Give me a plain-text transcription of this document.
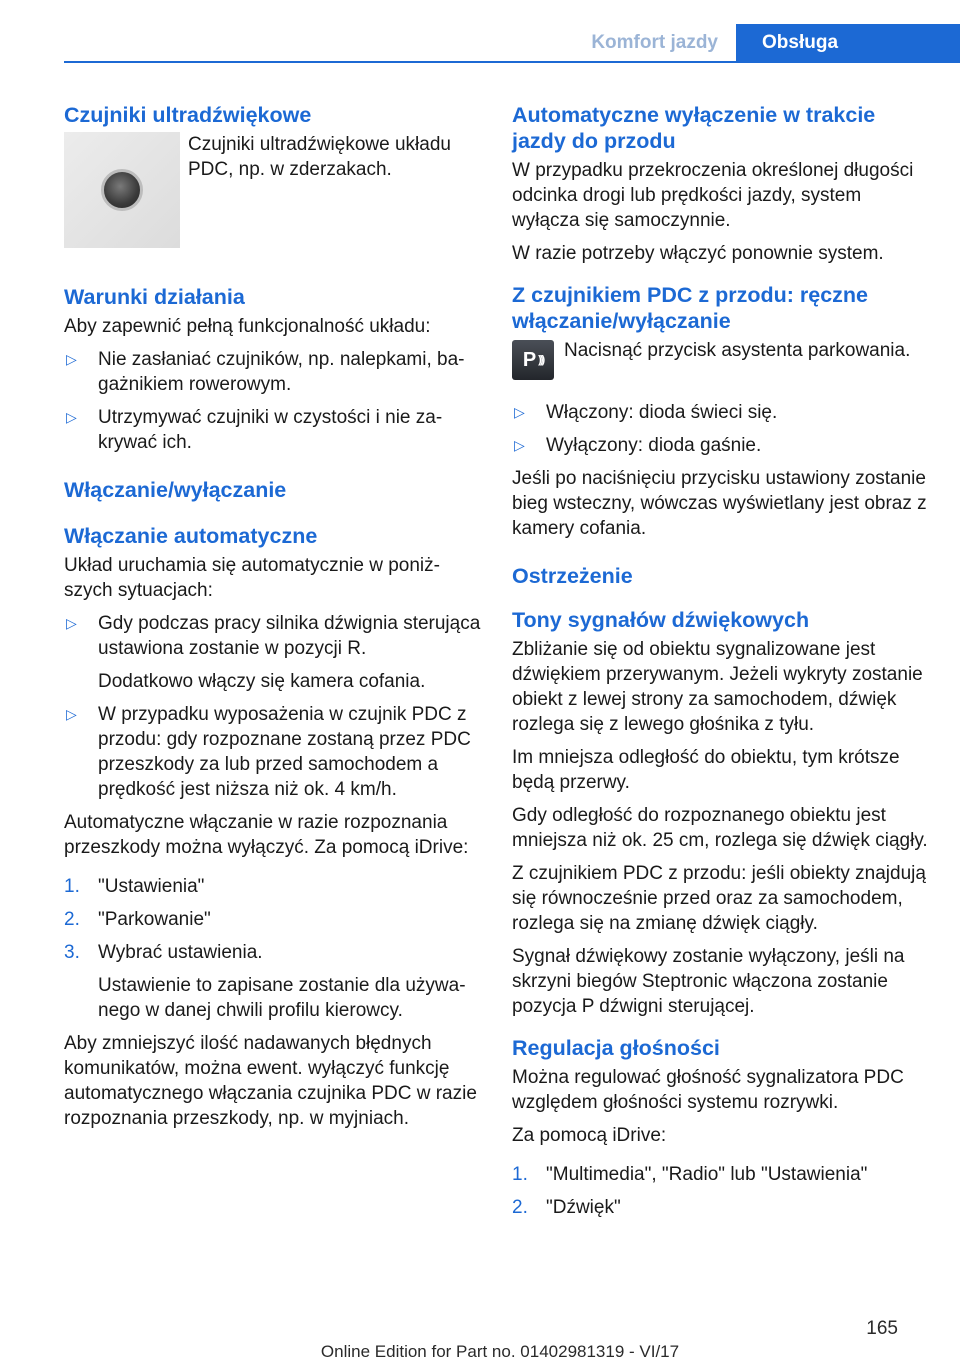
Komfort jazdy	Obsługa
Czujniki ultradźwiękowe
Czujniki ultradźwiękowe układu PDC, np. w zderzakach.
Warunki działania

Aby zapewnić pełną funkcjonalność układu:

▷ Nie zasłaniać czujników, np. nalepkami, bagażnikiem rowerowym.
▷ Utrzymywać czujniki w czystości i nie zakrywać ich.
Włączanie/wyłączanie
Włączanie automatyczne

Układ uruchamia się automatycznie w poniższych sytuacjach:

▷ Gdy podczas pracy silnika dźwignia sterująca ustawiona zostanie w pozycji R.
Dodatkowo włączy się kamera cofania.
▷ W przypadku wyposażenia w czujnik PDC z przodu: gdy rozpoznane zostaną przez PDC przeszkody za lub przed samochodem a prędkość jest niższa niż ok. 4 km/h.

Automatyczne włączanie w razie rozpoznania przeszkody można wyłączyć. Za pomocą iDrive:

1. "Ustawienia"
2. "Parkowanie"
3. Wybrać ustawienia.
Ustawienie to zapisane zostanie dla używanego w danej chwili profilu kierowcy.

Aby zmniejszyć ilość nadawanych błędnych komunikatów, można ewent. wyłączyć funkcję automatycznego włączania czujnika PDC w razie rozpoznania przeszkody, np. w myjniach.

Automatyczne wyłączenie w trakcie jazdy do przodu

W przypadku przekroczenia określonej długości odcinka drogi lub prędkości jazdy, system wyłącza się samoczynnie.

W razie potrzeby włączyć ponownie system.

Z czujnikiem PDC z przodu: ręczne włączanie/wyłączanie
P ))) Nacisnąć przycisk asystenta parkowania.
▷ Włączony: dioda świeci się.
▷ Wyłączony: dioda gaśnie.

Jeśli po naciśnięciu przycisku ustawiony zostanie bieg wsteczny, wówczas wyświetlany jest obraz z kamery cofania.

Ostrzeżenie
Tony sygnałów dźwiękowych

Zbliżanie się od obiektu sygnalizowane jest dźwiękiem przerywanym. Jeżeli wykryty zostanie obiekt z lewej strony za samochodem, dźwięk rozlega się z lewego głośnika z tyłu.

Im mniejsza odległość do obiektu, tym krótsze będą przerwy.

Gdy odległość do rozpoznanego obiektu jest mniejsza niż ok. 25 cm, rozlega się dźwięk ciągły.

Z czujnikiem PDC z przodu: jeśli obiekty znajdują się równocześnie przed oraz za samochodem, rozlega się na zmianę dźwięk ciągły.

Sygnał dźwiękowy zostanie wyłączony, jeśli na skrzyni biegów Steptronic włączona zostanie pozycja P dźwigni sterującej.

Regulacja głośności

Można regulować głośność sygnalizatora PDC względem głośności systemu rozrywki.

Za pomocą iDrive:

1. "Multimedia", "Radio" lub "Ustawienia"
2. "Dźwięk"
165
Online Edition for Part no. 01402981319 - VI/17
